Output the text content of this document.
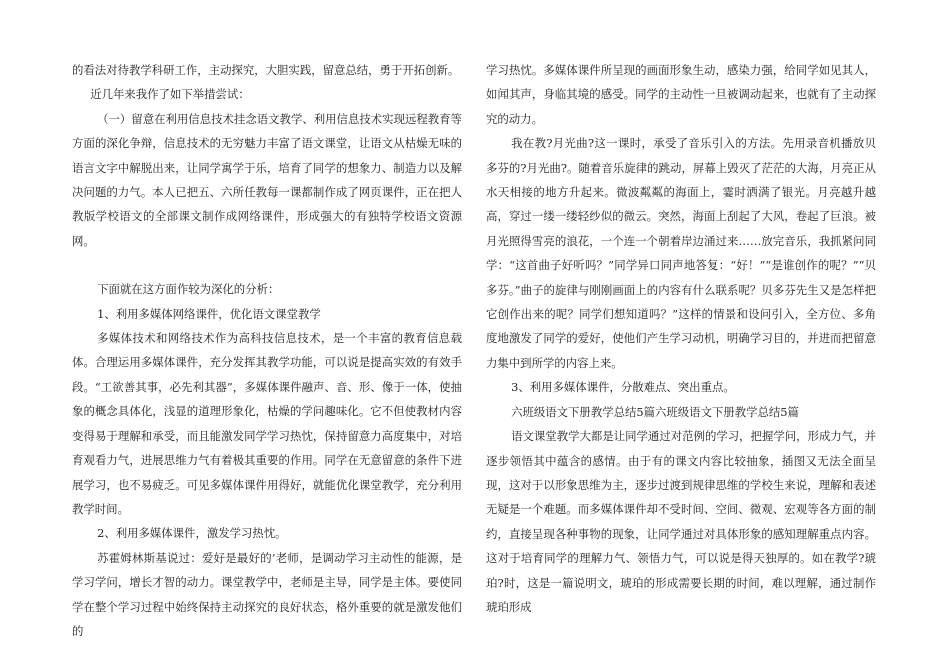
的看法对待教学科研工作，主动探究，大胆实践，留意总结，勇于开拓创新。

近几年来我作了如下举措尝试：

（一）留意在利用信息技术挂念语文教学、利用信息技术实现远程教育等方面的深化争辩，信息技术的无穷魅力丰富了语文课堂，让语文从枯燥无味的语言文字中解脱出来，让同学寓学于乐，培育了同学的想象力、制造力以及解决问题的力气。本人已把五、六所任教每一课都制作成了网页课件，正在把人教版学校语文的全部课文制作成网络课件，形成强大的有独特学校语文资源网。

下面就在这方面作较为深化的分析：

1、利用多媒体网络课件，优化语文课堂教学

多媒体技术和网络技术作为高科技信息技术，是一个丰富的教育信息载体。合理运用多媒体课件，充分发挥其教学功能，可以说是提高实效的有效手段。“工欲善其事，必先利其器”，多媒体课件融声、音、形、像于一体，使抽象的概念具体化，浅显的道理形象化，枯燥的学问趣味化。它不但使教材内容变得易于理解和承受，而且能激发同学学习热忱，保持留意力高度集中，对培育观看力气，进展思维力气有着极其重要的作用。同学在无意留意的条件下进展学习，也不易疲乏。可见多媒体课件用得好，就能优化课堂教学，充分利用教学时间。

2、利用多媒体课件，激发学习热忱。

苏霍姆林斯基说过：爱好是最好的’老师，是调动学习主动性的能源，是学习学问，增长才智的动力。课堂教学中，老师是主导，同学是主体。要使同学在整个学习过程中始终保持主动探究的良好状态，格外重要的就是激发他们的

学习热忱。多媒体课件所呈现的画面形象生动，感染力强，给同学如见其人，如闻其声，身临其境的感受。同学的主动性一旦被调动起来，也就有了主动探究的动力。

我在教?月光曲?这一课时，承受了音乐引入的方法。先用录音机播放贝多芬的?月光曲?。随着音乐旋律的跳动，屏幕上毁灭了茫茫的大海，月亮正从水天相接的地方升起来。微波粼粼的海面上，霎时洒满了银光。月亮越升越高，穿过一缕一缕轻纱似的微云。突然，海面上刮起了大风，卷起了巨浪。被月光照得雪亮的浪花，一个连一个朝着岸边涌过来……放完音乐，我抓紧问同学：“这首曲子好听吗？”同学异口同声地答复：“好！”“是谁创作的呢？”“贝多芬。”曲子的旋律与刚刚画面上的内容有什么联系呢？贝多芬先生又是怎样把它创作出来的呢？同学们想知道吗？”这样的情景和设问引入，全方位、多角度地激发了同学的爱好，使他们产生学习动机，明确学习目的，并进而把留意力集中到所学的内容上来。

3、利用多媒体课件，分散难点、突出重点。

六班级语文下册教学总结5篇六班级语文下册教学总结5篇

语文课堂教学大都是让同学通过对范例的学习，把握学问，形成力气，并逐步领悟其中蕴含的感情。由于有的课文内容比较抽象，插图又无法全面呈现，这对于以形象思维为主，逐步过渡到规律思维的学校生来说，理解和表述无疑是一个难题。而多媒体课件却不受时间、空间、微观、宏观等各方面的制约，直接呈现各种事物的现象，让同学通过对具体形象的感知理解重点内容。这对于培育同学的理解力气、领悟力气，可以说是得天独厚的。如在教学?琥珀?时，这是一篇说明文，琥珀的形成需要长期的时间，难以理解，通过制作琥珀形成
